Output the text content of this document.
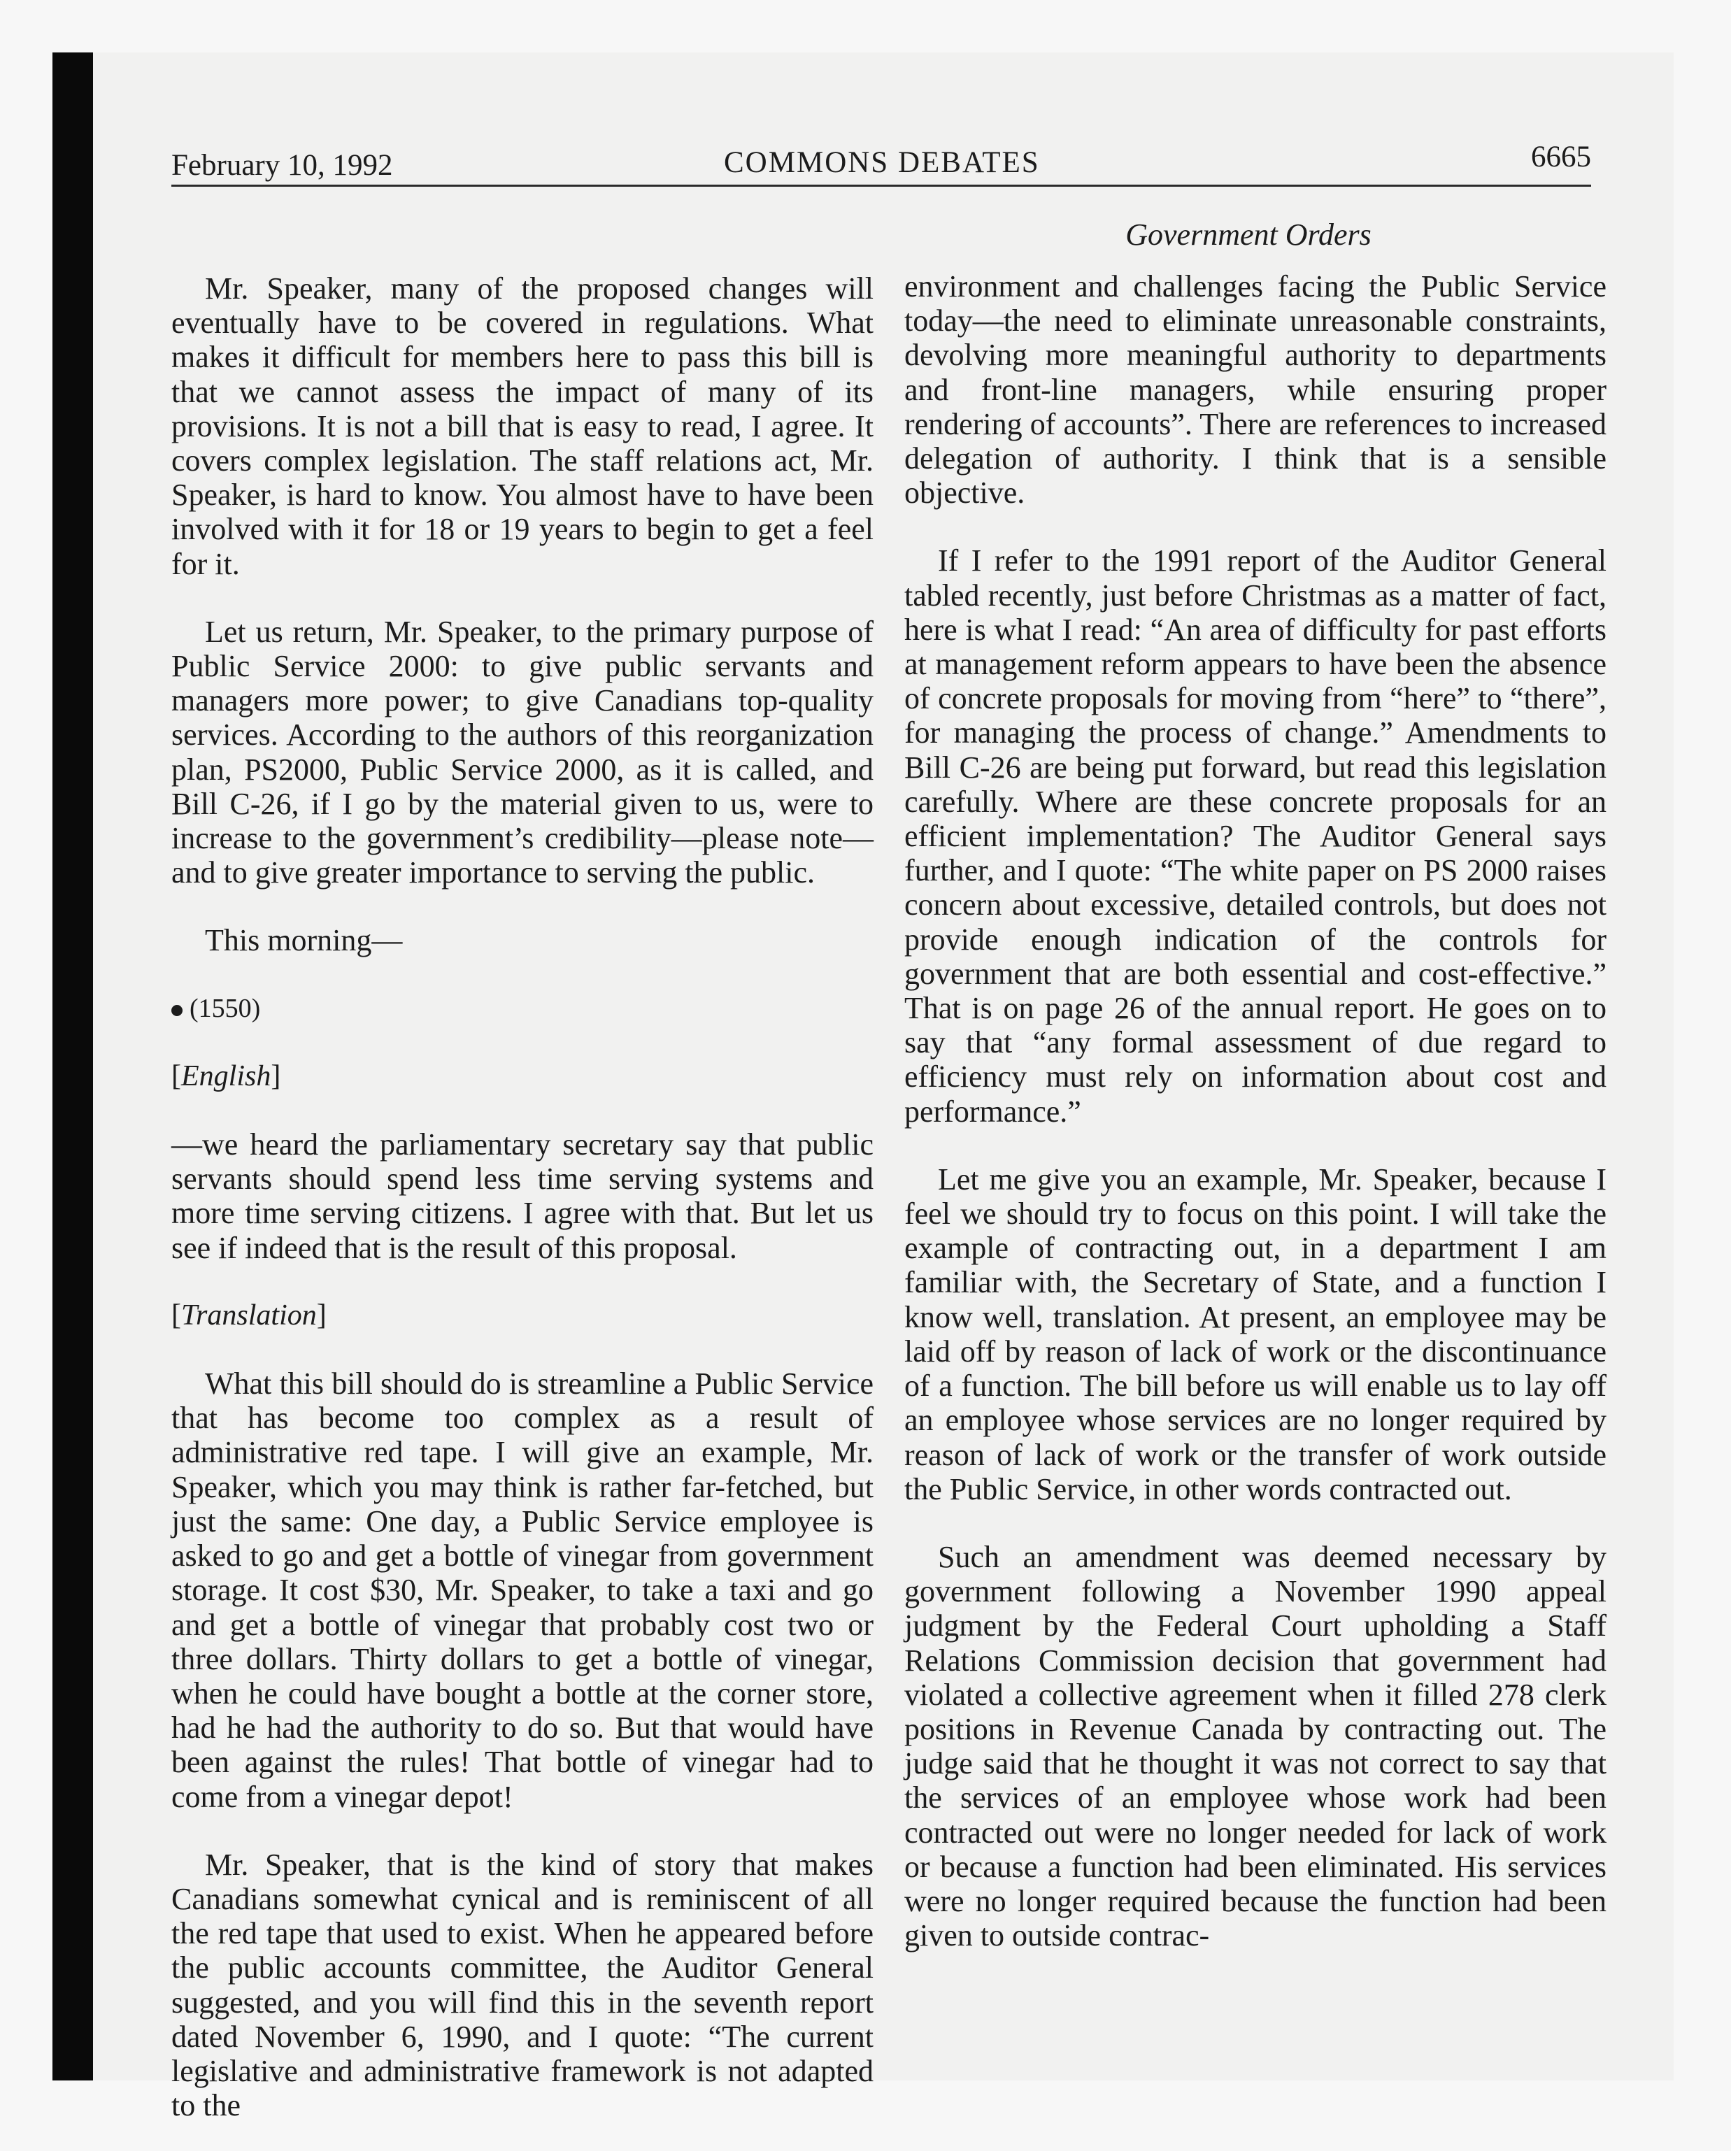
February 10, 1992	COMMONS DEBATES	6665
Government Orders

Mr. Speaker, many of the proposed changes will eventually have to be covered in regulations. What makes it difficult for members here to pass this bill is that we cannot assess the impact of many of its provisions. It is not a bill that is easy to read, I agree. It covers complex legislation. The staff relations act, Mr. Speaker, is hard to know. You almost have to have been involved with it for 18 or 19 years to begin to get a feel for it.

Let us return, Mr. Speaker, to the primary purpose of Public Service 2000: to give public servants and managers more power; to give Canadians top-quality services. According to the authors of this reorganization plan, PS2000, Public Service 2000, as it is called, and Bill C-26, if I go by the material given to us, were to increase to the government’s credibility—please note—and to give greater importance to serving the public.

This morning—

(1550)

[English]

—we heard the parliamentary secretary say that public servants should spend less time serving systems and more time serving citizens. I agree with that. But let us see if indeed that is the result of this proposal.

[Translation]

What this bill should do is streamline a Public Service that has become too complex as a result of administrative red tape. I will give an example, Mr. Speaker, which you may think is rather far-fetched, but just the same: One day, a Public Service employee is asked to go and get a bottle of vinegar from government storage. It cost $30, Mr. Speaker, to take a taxi and go and get a bottle of vinegar that probably cost two or three dollars. Thirty dollars to get a bottle of vinegar, when he could have bought a bottle at the corner store, had he had the authority to do so. But that would have been against the rules! That bottle of vinegar had to come from a vinegar depot!

Mr. Speaker, that is the kind of story that makes Canadians somewhat cynical and is reminiscent of all the red tape that used to exist. When he appeared before the public accounts committee, the Auditor General suggested, and you will find this in the seventh report dated November 6, 1990, and I quote: “The current legislative and administrative framework is not adapted to the

environment and challenges facing the Public Service today—the need to eliminate unreasonable constraints, devolving more meaningful authority to departments and front-line managers, while ensuring proper rendering of accounts”. There are references to increased delegation of authority. I think that is a sensible objective.

If I refer to the 1991 report of the Auditor General tabled recently, just before Christmas as a matter of fact, here is what I read: “An area of difficulty for past efforts at management reform appears to have been the absence of concrete proposals for moving from “here” to “there”, for managing the process of change.” Amendments to Bill C-26 are being put forward, but read this legislation carefully. Where are these concrete proposals for an efficient implementation? The Auditor General says further, and I quote: “The white paper on PS 2000 raises concern about excessive, detailed controls, but does not provide enough indication of the controls for government that are both essential and cost-effective.” That is on page 26 of the annual report. He goes on to say that “any formal assessment of due regard to efficiency must rely on information about cost and performance.”

Let me give you an example, Mr. Speaker, because I feel we should try to focus on this point. I will take the example of contracting out, in a department I am familiar with, the Secretary of State, and a function I know well, translation. At present, an employee may be laid off by reason of lack of work or the discontinuance of a function. The bill before us will enable us to lay off an employee whose services are no longer required by reason of lack of work or the transfer of work outside the Public Service, in other words contracted out.

Such an amendment was deemed necessary by government following a November 1990 appeal judgment by the Federal Court upholding a Staff Relations Commission decision that government had violated a collective agreement when it filled 278 clerk positions in Revenue Canada by contracting out. The judge said that he thought it was not correct to say that the services of an employee whose work had been contracted out were no longer needed for lack of work or because a function had been eliminated. His services were no longer required because the function had been given to outside contrac-
